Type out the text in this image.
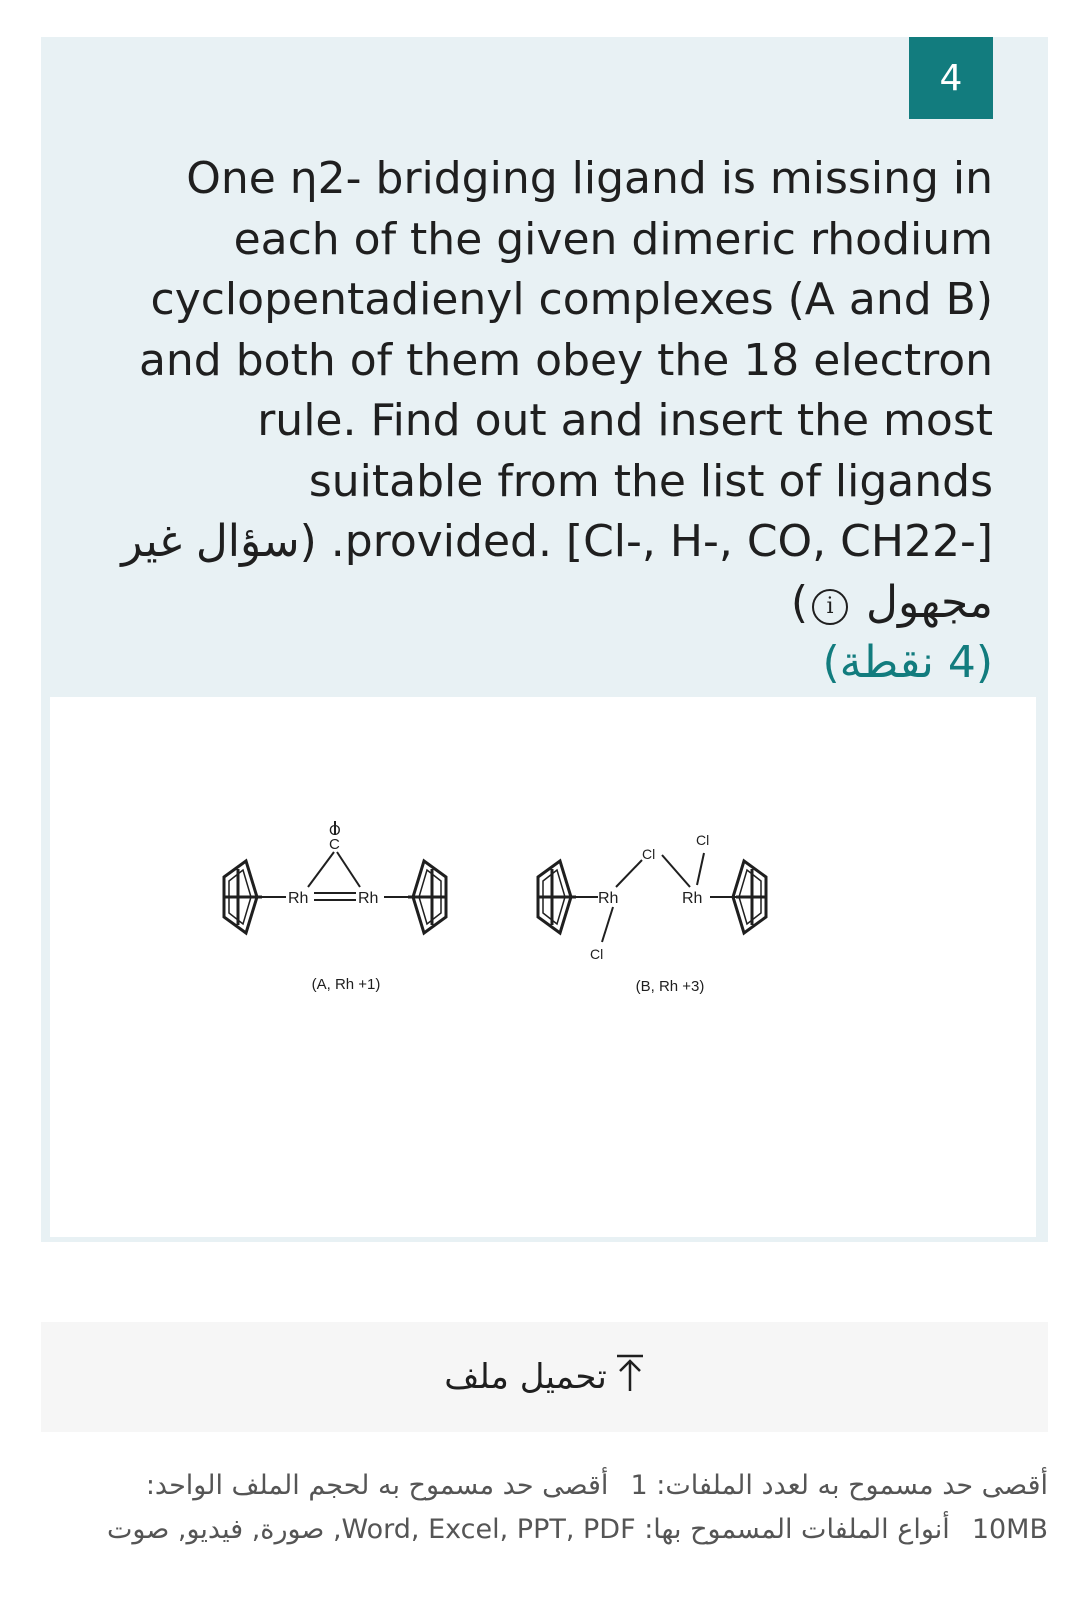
4
One η2- bridging ligand is missing in each of the given dimeric rhodium cyclopentadienyl complexes (A and B) and both of them obey the 18 electron rule. Find out and insert the most suitable from the list of ligands provided. [Cl-, H-, CO, CH22-]. (سؤال غير مجهول i)
(4 نقطة)
Rh	Rh
C
O
(A, Rh +1)
Rh
Cl
Cl
Rh
Cl
(B, Rh +3)
تحميل ملف
أقصى حد مسموح به لعدد الملفات: 1أقصى حد مسموح به لحجم الملف الواحد:
10MBأنواع الملفات المسموح بها: Word, Excel, PPT, PDF, صورة, فيديو, صوت
